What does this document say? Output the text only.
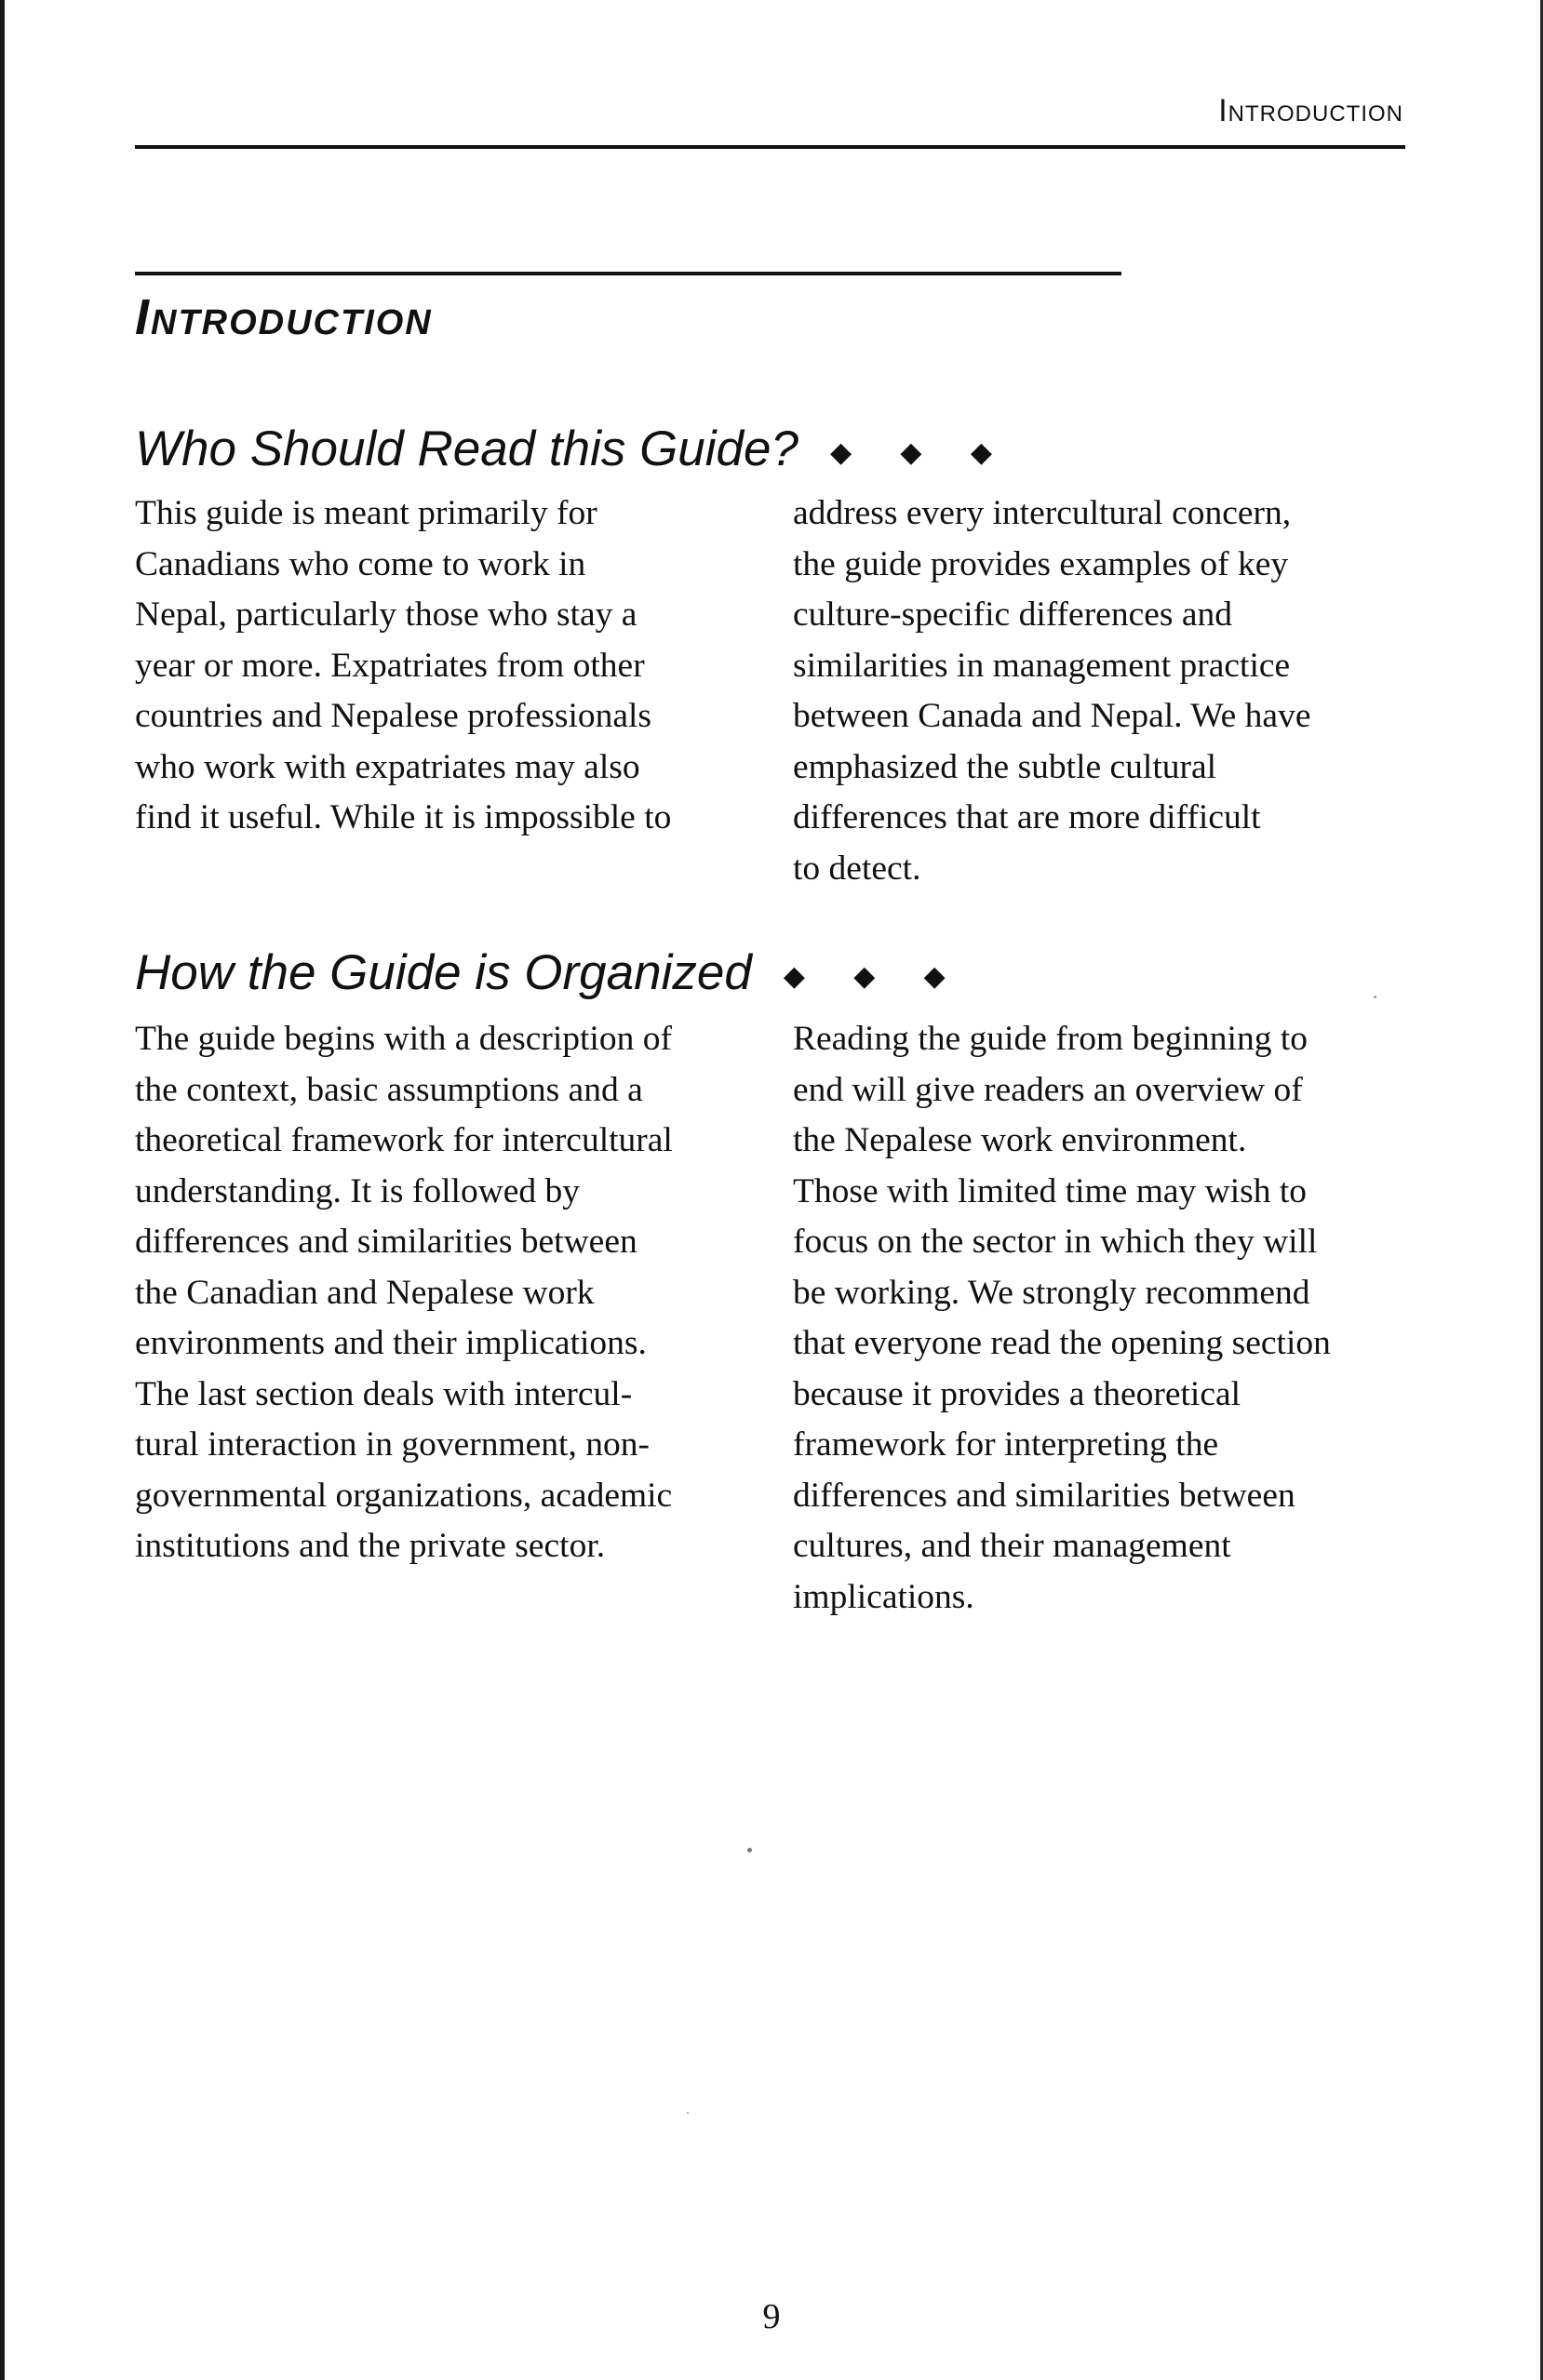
Introduction
Introduction
Who Should Read this Guide? ◆ ◆ ◆

This guide is meant primarily for
Canadians who come to work in
Nepal, particularly those who stay a
year or more. Expatriates from other
countries and Nepalese professionals
who work with expatriates may also
find it useful. While it is impossible to

address every intercultural concern,
the guide provides examples of key
culture-specific differences and
similarities in management practice
between Canada and Nepal. We have
emphasized the subtle cultural
differences that are more difficult
to detect.

How the Guide is Organized ◆ ◆ ◆

The guide begins with a description of
the context, basic assumptions and a
theoretical framework for intercultural
understanding. It is followed by
differences and similarities between
the Canadian and Nepalese work
environments and their implications.
The last section deals with intercul-
tural interaction in government, non-
governmental organizations, academic
institutions and the private sector.

Reading the guide from beginning to
end will give readers an overview of
the Nepalese work environment.
Those with limited time may wish to
focus on the sector in which they will
be working. We strongly recommend
that everyone read the opening section
because it provides a theoretical
framework for interpreting the
differences and similarities between
cultures, and their management
implications.

9
